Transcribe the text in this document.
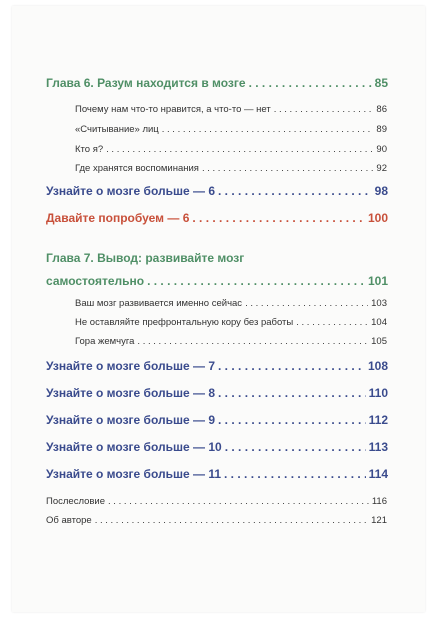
Глава 6. Разум находится в мозге . . .	85
Почему нам что-то нравится, а что-то — нет . . .	86
«Считывание» лиц . . .	89
Кто я? . . .	90
Где хранятся воспоминания . . .	92
Узнайте о мозге больше — 6 . . .	98
Давайте попробуем — 6 . . .	100
Глава 7. Вывод: развивайте мозг
самостоятельно . . .	101
Ваш мозг развивается именно сейчас . . .	103
Не оставляйте префронтальную кору без работы . . .	104
Гора жемчуга . . .	105
Узнайте о мозге больше — 7 . . .	108
Узнайте о мозге больше — 8 . . .	110
Узнайте о мозге больше — 9 . . .	112
Узнайте о мозге больше — 10 . . .	113
Узнайте о мозге больше — 11 . . .	114
Послесловие . . .	116
Об авторе . . .	121
